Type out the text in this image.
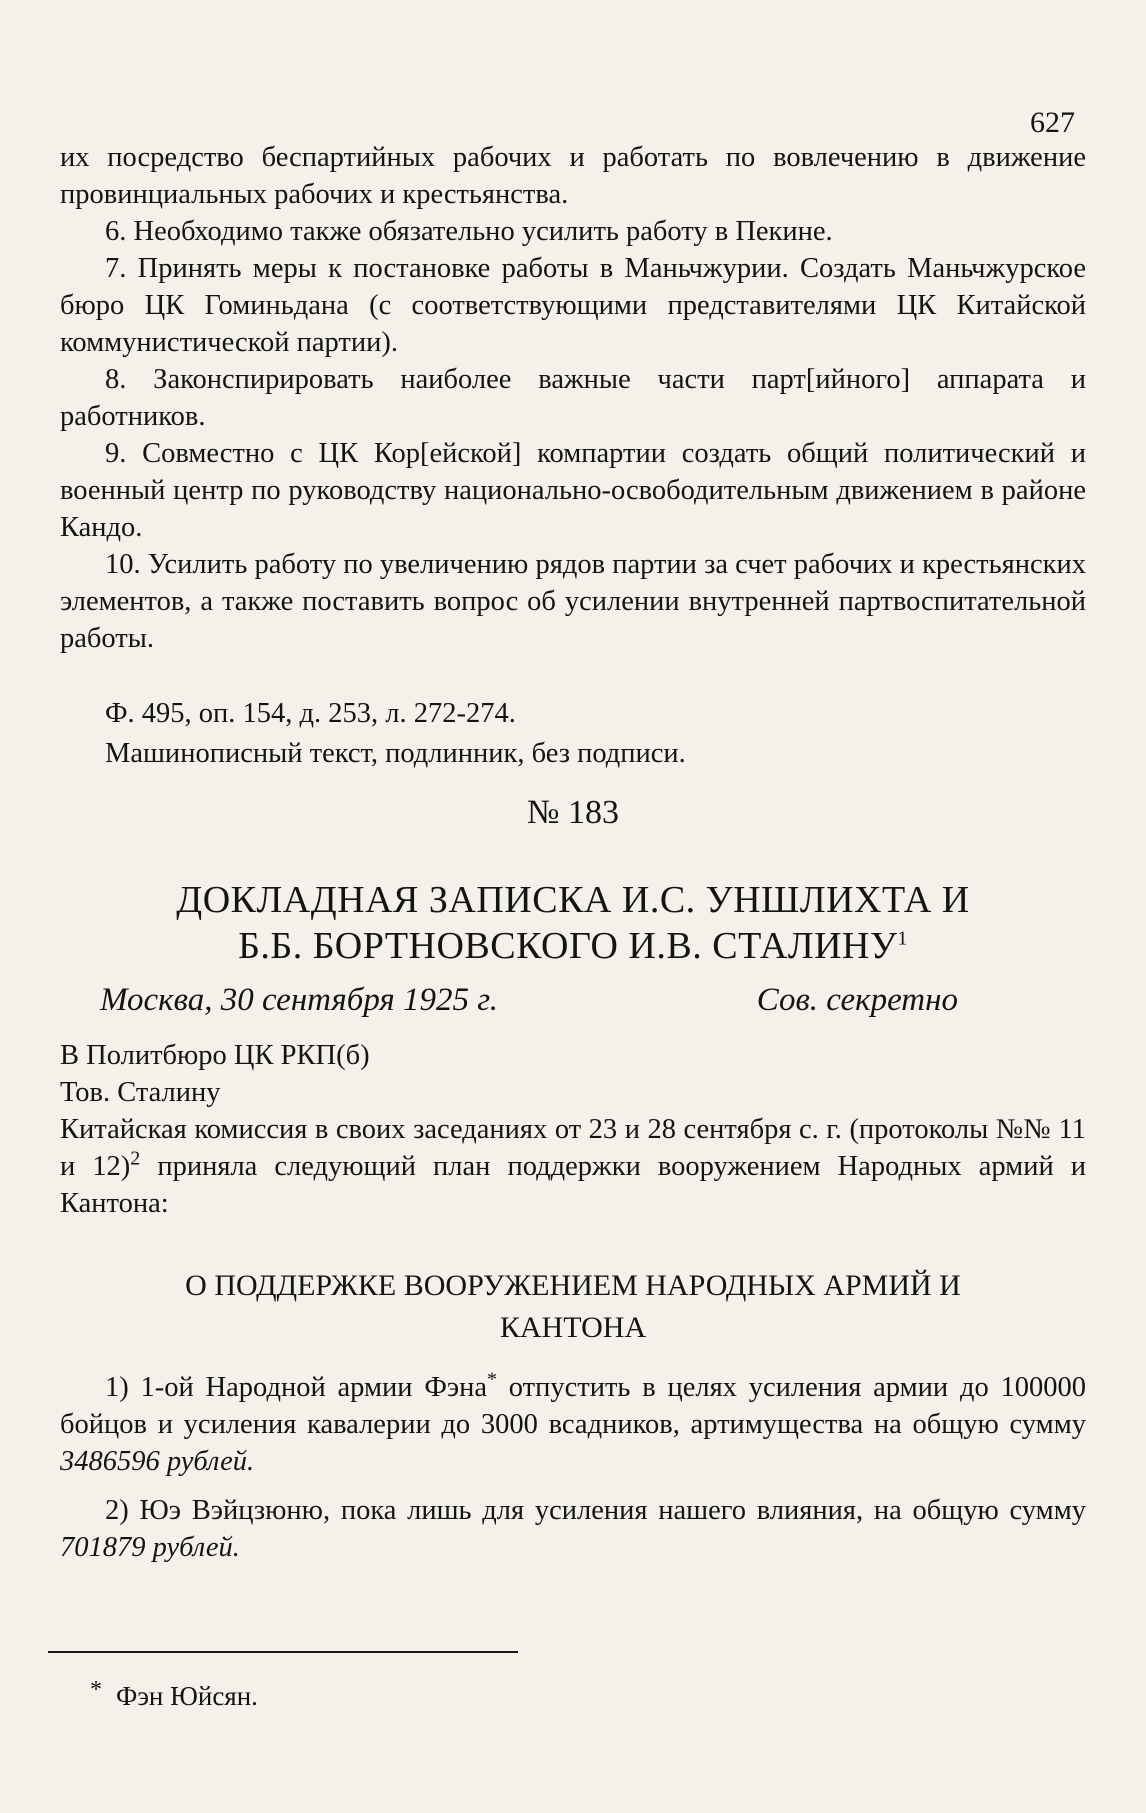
627

их посредство беспартийных рабочих и работать по вовлечению в движение провинциальных рабочих и крестьянства.

6. Необходимо также обязательно усилить работу в Пекине.

7. Принять меры к постановке работы в Маньчжурии. Создать Маньчжурское бюро ЦК Гоминьдана (с соответствующими представителями ЦК Китайской коммунистической партии).

8. Законспирировать наиболее важные части парт[ийного] аппарата и работников.

9. Совместно с ЦК Кор[ейской] компартии создать общий политический и военный центр по руководству национально-освободительным движением в районе Кандо.

10. Усилить работу по увеличению рядов партии за счет рабочих и крестьянских элементов, а также поставить вопрос об усилении внутренней партвоспитательной работы.

Ф. 495, оп. 154, д. 253, л. 272-274.
Машинописный текст, подлинник, без подписи.
№ 183
ДОКЛАДНАЯ ЗАПИСКА И.С. УНШЛИХТА И
Б.Б. БОРТНОВСКОГО И.В. СТАЛИНУ$^1$
Москва, 30 сентября 1925 г.	Сов. секретно

В Политбюро ЦК РКП(б)

Тов. Сталину

Китайская комиссия в своих заседаниях от 23 и 28 сентября с. г. (протоколы №№ 11 и 12)$^2$ приняла следующий план поддержки вооружением Народных армий и Кантона:

О ПОДДЕРЖКЕ ВООРУЖЕНИЕМ НАРОДНЫХ АРМИЙ И
КАНТОНА

1) 1-ой Народной армии Фэна* отпустить в целях усиления армии до 100000 бойцов и усиления кавалерии до 3000 всадников, артимущества на общую сумму 3486596 рублей.

2) Юэ Вэйцзюню, пока лишь для усиления нашего влияния, на общую сумму 701879 рублей.

* Фэн Юйсян.
